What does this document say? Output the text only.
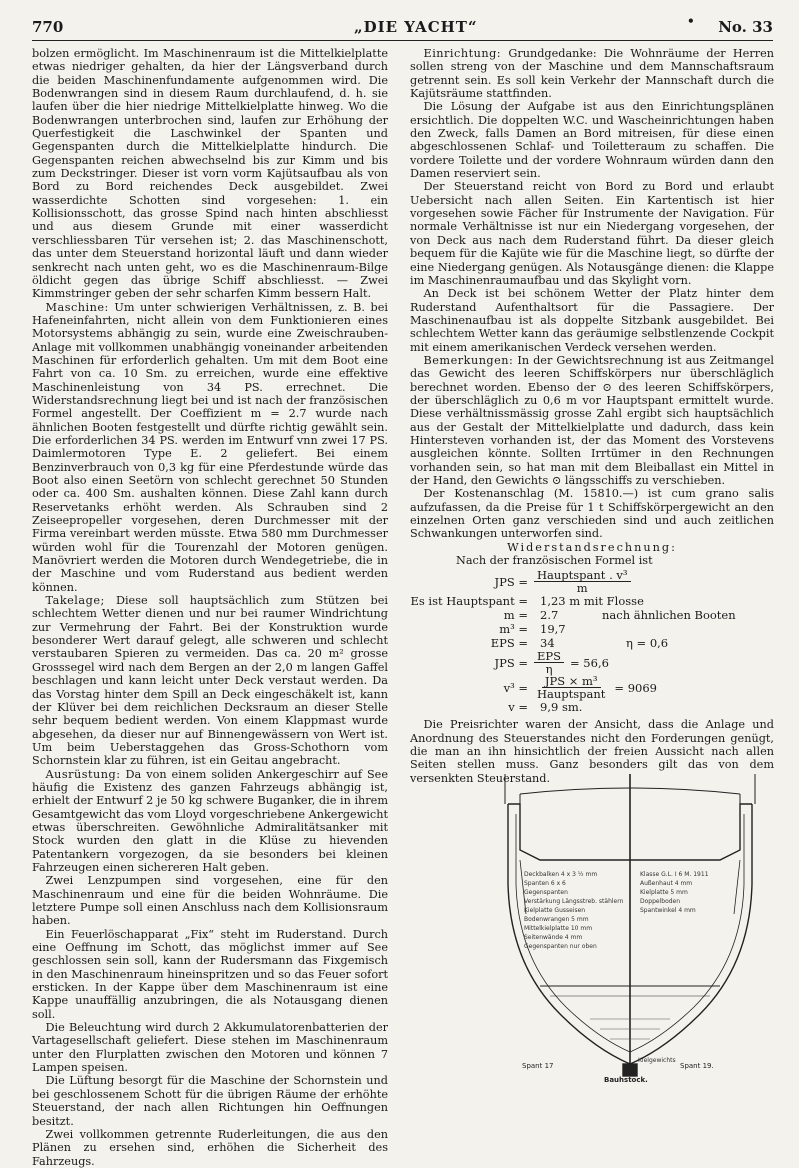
770	„DIE YACHT“	• No. 33

bolzen ermöglicht. Im Maschinenraum ist die Mittelkielplatte etwas niedriger gehalten, da hier der Längsverband durch die beiden Maschinenfundamente aufgenommen wird. Die Bodenwrangen sind in diesem Raum durchlaufend, d. h. sie laufen über die hier niedrige Mittelkielplatte hinweg. Wo die Bodenwrangen unterbrochen sind, laufen zur Erhöhung der Querfestigkeit die Laschwinkel der Spanten und Gegenspanten durch die Mittelkielplatte hindurch. Die Gegenspanten reichen abwechselnd bis zur Kimm und bis zum Deckstringer. Dieser ist vorn vorm Kajütsaufbau als von Bord zu Bord reichendes Deck ausgebildet. Zwei wasserdichte Schotten sind vorgesehen: 1. ein Kollisionsschott, das grosse Spind nach hinten abschliesst und aus diesem Grunde mit einer wasserdicht verschliessbaren Tür versehen ist; 2. das Maschinenschott, das unter dem Steuerstand horizontal läuft und dann wieder senkrecht nach unten geht, wo es die Maschinenraum-Bilge öldicht gegen das übrige Schiff abschliesst. — Zwei Kimmstringer geben der sehr scharfen Kimm bessern Halt.

Maschine: Um unter schwierigen Verhältnissen, z. B. bei Hafeneinfahrten, nicht allein von dem Funktionieren eines Motorsystems abhängig zu sein, wurde eine Zweischrauben-Anlage mit vollkommen unabhängig voneinander arbeitenden Maschinen für erforderlich gehalten. Um mit dem Boot eine Fahrt von ca. 10 Sm. zu erreichen, wurde eine effektive Maschinenleistung von 34 PS. errechnet. Die Widerstandsrechnung liegt bei und ist nach der französischen Formel angestellt. Der Coeffizient m = 2.7 wurde nach ähnlichen Booten festgestellt und dürfte richtig gewählt sein. Die erforderlichen 34 PS. werden im Entwurf vnn zwei 17 PS. Daimlermotoren Type E. 2 geliefert. Bei einem Benzinverbrauch von 0,3 kg für eine Pferdestunde würde das Boot also einen Seetörn von schlecht gerechnet 50 Stunden oder ca. 400 Sm. aushalten können. Diese Zahl kann durch Reservetanks erhöht werden. Als Schrauben sind 2 Zeiseepropeller vorgesehen, deren Durchmesser mit der Firma vereinbart werden müsste. Etwa 580 mm Durchmesser würden wohl für die Tourenzahl der Motoren genügen. Manövriert werden die Motoren durch Wendegetriebe, die in der Maschine und vom Ruderstand aus bedient werden können.

Takelage; Diese soll hauptsächlich zum Stützen bei schlechtem Wetter dienen und nur bei raumer Windrichtung zur Vermehrung der Fahrt. Bei der Konstruktion wurde besonderer Wert darauf gelegt, alle schweren und schlecht verstaubaren Spieren zu vermeiden. Das ca. 20 m² grosse Grosssegel wird nach dem Bergen an der 2,0 m langen Gaffel beschlagen und kann leicht unter Deck verstaut werden. Da das Vorstag hinter dem Spill an Deck eingeschäkelt ist, kann der Klüver bei dem reichlichen Decksraum an dieser Stelle sehr bequem bedient werden. Von einem Klappmast wurde abgesehen, da dieser nur auf Binnengewässern von Wert ist. Um beim Ueberstaggehen das Gross-Schothorn vom Schornstein klar zu führen, ist ein Geitau angebracht.

Ausrüstung: Da von einem soliden Ankergeschirr auf See häufig die Existenz des ganzen Fahrzeugs abhängig ist, erhielt der Entwurf 2 je 50 kg schwere Buganker, die in ihrem Gesamtgewicht das vom Lloyd vorgeschriebene Ankergewicht etwas überschreiten. Gewöhnliche Admiralitätsanker mit Stock wurden den glatt in die Klüse zu hievenden Patentankern vorgezogen, da sie besonders bei kleinen Fahrzeugen einen sichereren Halt geben.

Zwei Lenzpumpen sind vorgesehen, eine für den Maschinenraum und eine für die beiden Wohnräume. Die letztere Pumpe soll einen Anschluss nach dem Kollisionsraum haben.

Ein Feuerlöschapparat „Fix“ steht im Ruderstand. Durch eine Oeffnung im Schott, das möglichst immer auf See geschlossen sein soll, kann der Rudersmann das Fixgemisch in den Maschinenraum hineinspritzen und so das Feuer sofort ersticken. In der Kappe über dem Maschinenraum ist eine Kappe unauffällig anzubringen, die als Notausgang dienen soll.

Die Beleuchtung wird durch 2 Akkumulatorenbatterien der Vartagesellschaft geliefert. Diese stehen im Maschinenraum unter den Flurplatten zwischen den Motoren und können 7 Lampen speisen.

Die Lüftung besorgt für die Maschine der Schornstein und bei geschlossenem Schott für die übrigen Räume der erhöhte Steuerstand, der nach allen Richtungen hin Oeffnungen besitzt.

Zwei vollkommen getrennte Ruderleitungen, die aus den Plänen zu ersehen sind, erhöhen die Sicherheit des Fahrzeugs.

Einrichtung: Grundgedanke: Die Wohnräume der Herren sollen streng von der Maschine und dem Mannschaftsraum getrennt sein. Es soll kein Verkehr der Mannschaft durch die Kajütsräume stattfinden.

Die Lösung der Aufgabe ist aus den Einrichtungsplänen ersichtlich. Die doppelten W.C. und Wascheinrichtungen haben den Zweck, falls Damen an Bord mitreisen, für diese einen abgeschlossenen Schlaf- und Toiletteraum zu schaffen. Die vordere Toilette und der vordere Wohnraum würden dann den Damen reserviert sein.

Der Steuerstand reicht von Bord zu Bord und erlaubt Uebersicht nach allen Seiten. Ein Kartentisch ist hier vorgesehen sowie Fächer für Instrumente der Navigation. Für normale Verhältnisse ist nur ein Niedergang vorgesehen, der von Deck aus nach dem Ruderstand führt. Da dieser gleich bequem für die Kajüte wie für die Maschine liegt, so dürfte der eine Niedergang genügen. Als Notausgänge dienen: die Klappe im Maschinenraumaufbau und das Skylight vorn.

An Deck ist bei schönem Wetter der Platz hinter dem Ruderstand Aufenthaltsort für die Passagiere. Der Maschinenaufbau ist als doppelte Sitzbank ausgebildet. Bei schlechtem Wetter kann das geräumige selbstlenzende Cockpit mit einem amerikanischen Verdeck versehen werden.

Bemerkungen: In der Gewichtsrechnung ist aus Zeitmangel das Gewicht des leeren Schiffskörpers nur überschläglich berechnet worden. Ebenso der ⊙ des leeren Schiffskörpers, der überschläglich zu 0,6 m vor Hauptspant ermittelt wurde. Diese verhältnissmässig grosse Zahl ergibt sich hauptsächlich aus der Gestalt der Mittelkielplatte und dadurch, dass kein Hintersteven vorhanden ist, der das Moment des Vorstevens ausgleichen könnte. Sollten Irrtümer in den Rechnungen vorhanden sein, so hat man mit dem Bleiballast ein Mittel in der Hand, den Gewichts ⊙ längsschiffs zu verschieben.

Der Kostenanschlag (M. 15810.—) ist cum grano salis aufzufassen, da die Preise für 1 t Schiffskörpergewicht an den einzelnen Orten ganz verschieden sind und auch zeitlichen Schwankungen unterworfen sind.

Widerstandsrechnung:

Nach der französischen Formel ist

JPS = $\frac{\text{Hauptspant . v³}}{m}$
Es ist Hauptspant =	1,23 m mit Flosse
m =	2.7	nach ähnlichen Booten
m³ =	19,7
EPS =	34	η = 0,6
JPS = $\frac{\text{EPS}}{\eta} = 56,6$
$v^3 = \frac{\text{JPS × m³}}{\text{Hauptspant}} = 9069$
v =	9,9 sm.

Die Preisrichter waren der Ansicht, dass die Anlage und Anordnung des Steuerstandes nicht den Forderungen genügt, die man an ihn hinsichtlich der freien Aussicht nach allen Seiten stellen muss. Ganz besonders gilt das von dem versenkten Steuerstand.

Deckbalken 4 x 3 ½ mm
Spanten 6 x 6
Gegenspanten
Verstärkung Längsstreb. stählern
Kielplatte Gusseisen
Bodenwrangen 5 mm
Mittelkielplatte 10 mm
Seitenwände 4 mm
Gegenspanten nur oben
Klasse G.L. I 6 M. 1911
Außenhaut 4 mm
Kielplatte 5 mm
Doppelboden
Spantwinkel 4 mm
Kielgewichts
Spant 17	Spant 19.
Bauhstock.
